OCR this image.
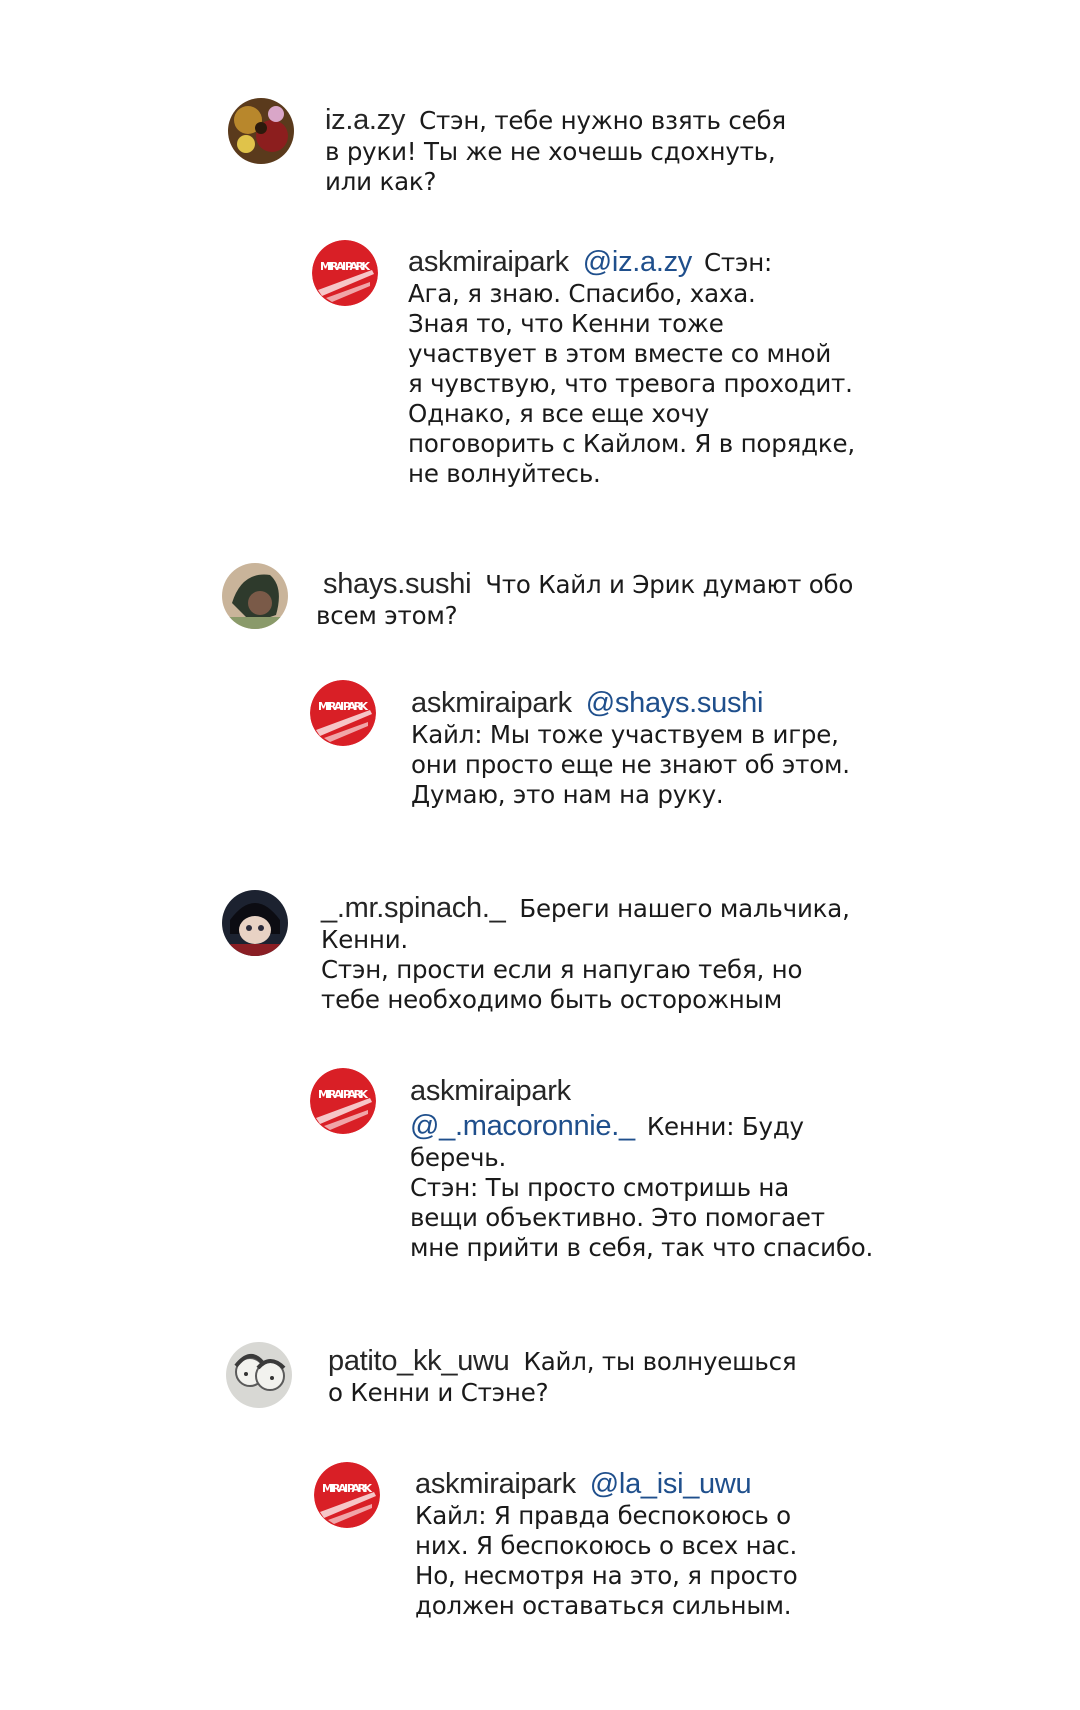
iz.a.zy Стэн, тебе нужно взять себя
в руки! Ты же не хочешь сдохнуть,
или как?
MIRAI PARK askmiraipark @iz.a.zy Стэн:
Ага, я знаю. Спасибо, хаха.
Зная то, что Кенни тоже
участвует в этом вместе со мной
я чувствую, что тревога проходит.
Однако, я все еще хочу
поговорить с Кайлом. Я в порядке,
не волнуйтесь.
shays.sushi Что Кайл и Эрик думают обо
всем этом?
MIRAI PARK askmiraipark @shays.sushi
Кайл: Мы тоже участвуем в игре,
они просто еще не знают об этом.
Думаю, это нам на руку.
_.mr.spinach._ Береги нашего мальчика,
Кенни.
Стэн, прости если я напугаю тебя, но
тебе необходимо быть осторожным
MIRAI PARK askmiraipark
@_.macoronnie._ Кенни: Буду
беречь.
Стэн: Ты просто смотришь на
вещи объективно. Это помогает
мне прийти в себя, так что спасибо.
patito_kk_uwu Кайл, ты волнуешься
о Кенни и Стэне?
MIRAI PARK askmiraipark @la_isi_uwu
Кайл: Я правда беспокоюсь о
них. Я беспокоюсь о всех нас.
Но, несмотря на это, я просто
должен оставаться сильным.
